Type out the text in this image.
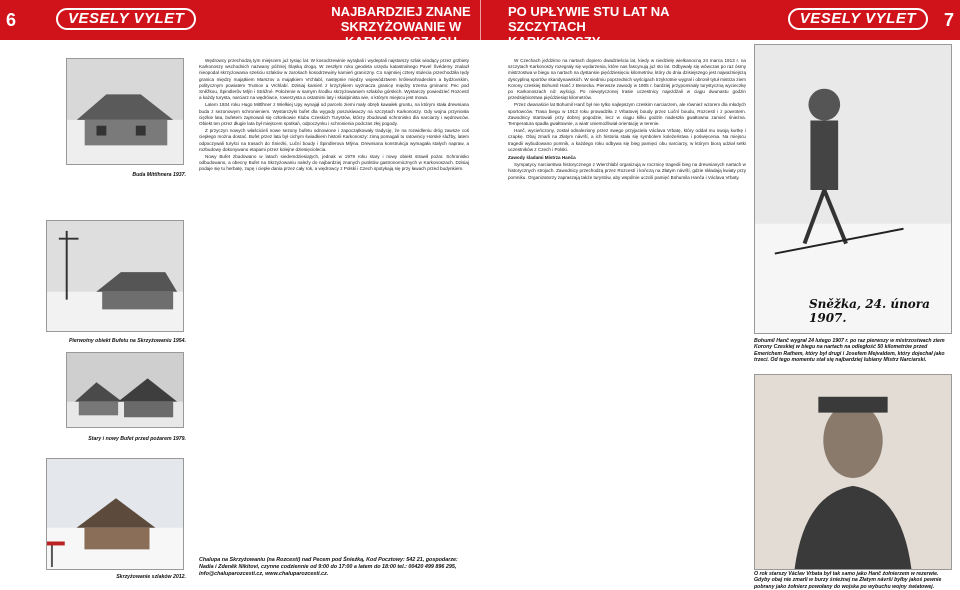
6	VESELY VYLET	NAJBARDZIEJ ZNANE SKRZYŻOWANIE W KARKONOSZACH
PO UPŁYWIE STU LAT NA SZCZYTACH KARKONOSZY
VESELY VYLET	7
Buda Mittlhnera 1937.
Pierwotny obiekt Bufetu na Skrzyżowaniu 1954.
Stary i nowy Bufet przed pożarem 1979.
Skrzyżowanie szlaków 2012.

Wędrowcy przechodzą tym miejscem już tysiąc lat. W kosodrzewinie wyrąbali i wydeptali najstarszy szlak wiodący przez grzbiety Karkonoszy wschodnich nazwany później Śląską drogą. W zeszłym roku geodeta urzędu katastralnego Pavel Švédemy znalazł nieopodal skrzyżowania sześciu szlaków w zarośach kosodrzewiny kamień graniczny. Co najmniej cztery stulecia przechodziła tędy granica między majątkiem Marszov a majątkiem Vrchlabí, następnie między województwem królewohradeckim a bydżovskim, politycznym powiatem Trutnov a Vrchlabí. Dzisiaj kamień z krzyżykiem wyznacza granicę między trzema gminami: Pec pod Sněžkou, Špindlerův Mlýn i Strážné. Położenie w samym środku skrzyżowaniem szlaków górskich. Wystarczy powiedzieć Rozcestí a każdy turysta, narciarz na wędrówce, rowerzysta a ostatnimi laty i skialpinista wie, o którym miejscu jest mowa.

Latem 1934 roku Hugo Mittlhner z Wielkiej Upy wynajął od parcelo ziemi mały obręb kawałek gruntu, na którym stała drewniana buda z sezonowym schronieniem. Wystarczyło bufet dla wygody poszukiwaczy na szczytach Karkonoszy. Gdy wojna przyniosła ciężkie lata, bufetem zajmowali się członkowie Klubu Czeskich Turystów, którzy zbudowali schronisko dla narciarzy i wędrowców. Obiekt ten przez długie lata był miejscem spotkań, odpoczynku i schronienia podczas złej pogody.

Z przyczyn nowych właścicieli nowe sezony bufetu odnowione i zapoczątkowały tradycję, że na rozwidleniu dróg zawsze coś ciepłego można dostać. Bufet przez lata był cichym świadkiem historii Karkonoszy: zimą pomagali tu ratownicy Horské služby, latem odpoczywali turyści na trasach do Śnieżki, Luční boudy i Špindlerova Mlýna. Drewniana konstrukcja wymagała stałych napraw, a rozbudowy dokonywano etapami przez kolejne dziesięciolecia.

Nowy Bufet zbudowano w latach siedemdziesiątych, jednak w 1979 roku stary i nowy obiekt strawił pożar. Schronisko odbudowano, a obecny Bufet na Skrzyżowaniu należy do najbardziej znanych punktów gastronomicznych w Karkonoszach. Dzisiaj podaje się tu herbatę, zupę i ciepłe dania przez cały rok, a wędrowcy z Polski i Czech spotykają się przy ławach przed budynkiem.

Chalupa na Skrzyżowaniu (na Rozcestí) nad Pecem pod Śnieżką, Kod Pocztowy: 542 21, gospodarze: Nadia i Zdeněk Nikitovi, czynne codziennie od 9:00 do 17:00 a latem do 18:00 tel.: 00420 499 896 295, info@chaluparozcesti.cz, www.chaluparozcesti.cz.

W Czechach jeździmo na nartach dopiero dwadzieścia lat, kiedy w niedzielę wielkanocną 24 marca 1913 r. na szczytach Karkonoszy rozegrały się wydarzenia, które nas fascynują już sto lat. Odbywały się wówczas po raz ósmy mistrzostwa w biegu na nartach na dystansie pięćdziesięciu kilometrów, który do dnia dzisiejszego jest najważniejszą dyscypliną sportów skandynawskich. W siedmiu poprzednich wyścigach trzykrotnie wygrał i obronił tytuł mistrza ziem Korony czeskiej Bohumil Hanč z Benecka. Pierwsze zawody w 1905 r. bardziej przypominały turystyczną wycieczkę po Karkonoszach niż wyścigi. Po niewytyczonej trasie uczestnicy najeżdżali w ciągu dwunastu godzin przedsiębiorstwa pięćdziesiąt kilometrów.

Przez dwanaście lat Bohumil Hanč był nie tylko najlepszym czeskim narciarzem, ale również wzorem dla młodych sportowców. Trasa biegu w 1913 roku prowadziła z Vrbatovej boudy przez Luční boudu, Rozcestí i z powrotem. Zawodnicy startowali przy dobrej pogodzie, lecz w ciągu kilku godzin nadeszła gwałtowna zamieć śnieżna. Temperatura spadła gwałtownie, a wiatr uniemożliwiał orientację w terenie.

Hanč, wycieńczony, został odnaleziony przez swego przyjaciela Václava Vrbatę, który oddał mu swoją kurtkę i czapkę. Obaj zmarli na Złatym návrší, a ich historia stała się symbolem koleżeństwa i poświęcenia. Na miejscu tragedii wybudowano pomnik, a każdego roku odbywa się bieg pamięci obu narciarzy, w którym biorą udział setki uczestników z Czech i Polski.

Zawody śladami Mistrza Hanča

Sympatycy narciarstwa historycznego z Wierchlabí organizują w rocznicę tragedii bieg na drewnianych nartach w historycznych strojach. Zawodnicy przechodzą przez Rozcestí i kończą na Złatym návrší, gdzie składają kwiaty przy pomniku. Organizatorzy zapraszają także turystów, aby wspólnie uczcili pamięć Bohumila Hanča i Václava Vrbaty.

Sněžka, 24. února 1907.
Bohumil Hanč wygrał 24 lutego 1907 r. po raz pierwszy w mistrzostwach ziem Korony Czeskiej w biegu na nartach na odległość 50 kilometrów przed Emerichem Rathem, który był drugi i Josefem Mejvaldem, który dojechał jako trzeci. Od tego momentu stał się najbardziej lubiany Mistrz Narciarski.
O rok starszy Václav Vrbata był tak samo jako Hanč żołnierzem w rezerwie. Gdyby obaj nie zmarli w burzy śnieżnej na Złatym návrší byłby jakoś pewnie pobrany jako żołnierz powołany do wojska po wybuchu wojny światowej.
